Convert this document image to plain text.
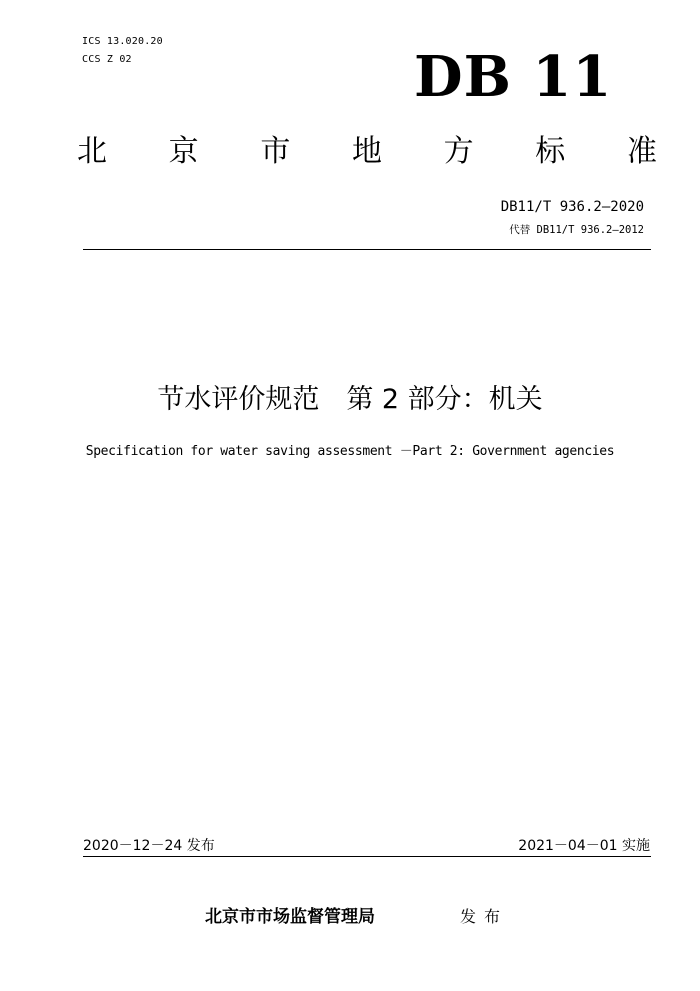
ICS 13.020.20
CCS Z 02	DB 11
北 京 市 地 方 标 准
DB11/T 936.2—2020
代替 DB11/T 936.2—2012
节水评价规范　第 2 部分：机关
Specification for water saving assessment －Part 2: Government agencies
2020－12－24 发布	2021－04－01 实施
北京市市场监督管理局	发布
